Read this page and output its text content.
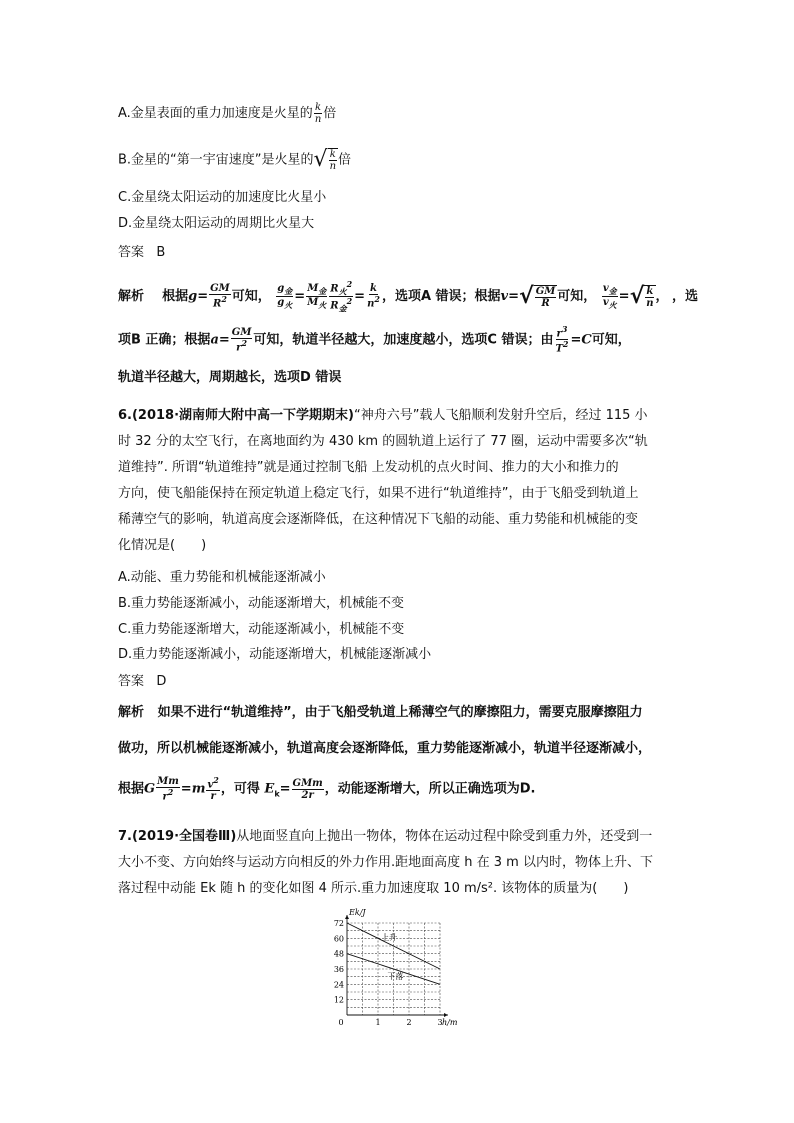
A.金星表面的重力加速度是火星的 $\frac{k}{n}$ 倍
B.金星的“第一宇宙速度”是火星的 √ $\frac{k}{n}$ 倍
C.金星绕太阳运动的加速度比火星小
D.金星绕太阳运动的周期比火星大
答案 B
解析 根据$g= \frac{GM}{R^2}$ 可知， $\frac{g_金}{g_火} = \frac{M_金}{M_火} \frac{R_火^2}{R_金^2} = \frac{k}{n^2}$ ，选项A 错误；根据v= √ $\frac{GM}{R}$ 可知， $\frac{v_金}{v_火}$ = √ $\frac{k}{n}$ ， ，选
项B 正确；根据$a= \frac{GM}{r^2}$ 可知，轨道半径越大，加速度越小，选项C 错误；由 $\frac{r^3}{T^2} =C$可知，
轨道半径越大，周期越长，选项D 错误
6.(2018·湖南师大附中高一下学期期末)“神舟六号”载人飞船顺利发射升空后，经过 115 小
时 32 分的太空飞行，在离地面约为 430 km 的圆轨道上运行了 77 圈，运动中需要多次“轨
道维持”. 所谓“轨道维持”就是通过控制飞船 上发动机的点火时间、推力的大小和推力的
方向，使飞船能保持在预定轨道上稳定飞行，如果不进行“轨道维持”，由于飞船受到轨道上
稀薄空气的影响，轨道高度会逐渐降低，在这种情况下飞船的动能、重力势能和机械能的变
化情况是(　　)
A.动能、重力势能和机械能逐渐减小
B.重力势能逐渐减小，动能逐渐增大，机械能不变
C.重力势能逐渐增大，动能逐渐减小，机械能不变
D.重力势能逐渐减小，动能逐渐增大，机械能逐渐减小
答案 D
解析 如果不进行“轨道维持”，由于飞船受轨道上稀薄空气的摩擦阻力，需要克服摩擦阻力
做功，所以机械能逐渐减小，轨道高度会逐渐降低，重力势能逐渐减小，轨道半径逐渐减小，
根据G $\frac{Mm}{r^2} =m \frac{v^2}{r}$ ，可得 $E_k= \frac{\text{GMm}}{2r}$ ，动能逐渐增大，所以正确选项为D.
7.(2019·全国卷Ⅲ)从地面竖直向上抛出一物体，物体在运动过程中除受到重力外，还受到一
大小不变、方向始终与运动方向相反的外力作用.距地面高度 h 在 3 m 以内时，物体上升、下
落过程中动能 Ek 随 h 的变化如图 4 所示.重力加速度取 10 m/s². 该物体的质量为(　　)
12
24
36
48
60
72
0	1	2	3
Ek/J
h/m
上升
下落
